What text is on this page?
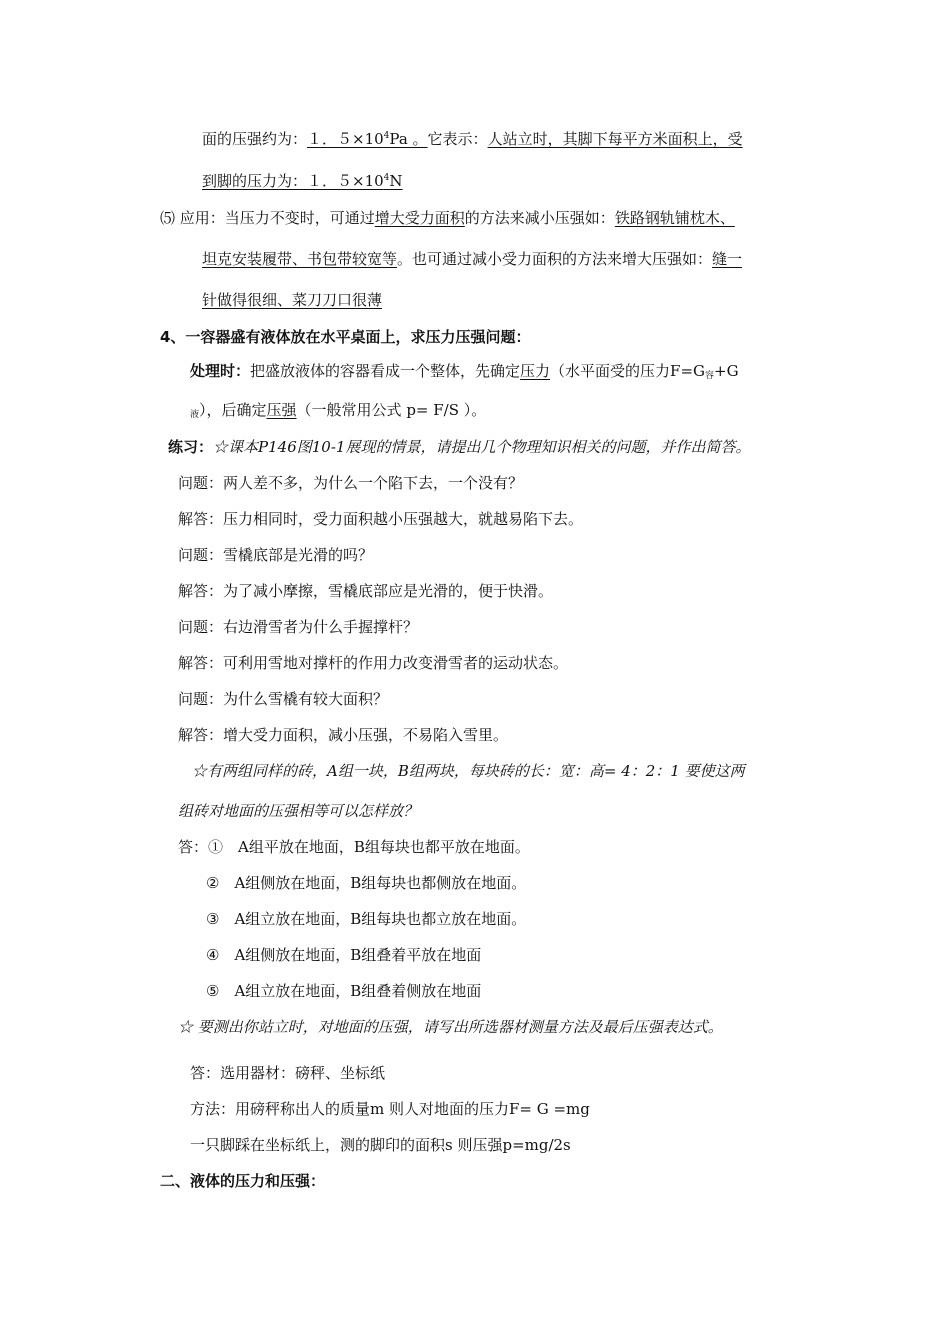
面的压强约为：１．$5\times 10^4Pa$ 。它表示：人站立时，其脚下每平方米面积上，受
到脚的压力为：１．$5\times 10^4N$
⑸ 应用：当压力不变时，可通过增大受力面积的方法来减小压强如：铁路钢轨铺枕木、
坦克安装履带、书包带较宽等。也可通过减小受力面积的方法来增大压强如：缝一
针做得很细、菜刀刀口很薄
4、一容器盛有液体放在水平桌面上，求压力压强问题：
处理时：把盛放液体的容器看成一个整体，先确定压力（水平面受的压力$F=G_容+G$
$_液$），后确定压强（一般常用公式 p= F/S ）。
练习：☆课本P146图10-1展现的情景，请提出几个物理知识相关的问题，并作出简答。
问题：两人差不多，为什么一个陷下去，一个没有？
解答：压力相同时，受力面积越小压强越大，就越易陷下去。
问题：雪橇底部是光滑的吗？
解答：为了减小摩擦，雪橇底部应是光滑的，便于快滑。
问题：右边滑雪者为什么手握撑杆？
解答：可利用雪地对撑杆的作用力改变滑雪者的运动状态。
问题：为什么雪橇有较大面积？
解答：增大受力面积，减小压强，不易陷入雪里。
☆有两组同样的砖，A组一块，B组两块，每块砖的长：宽：高= 4：2：1 要使这两
组砖对地面的压强相等可以怎样放？
答：①　A组平放在地面，B组每块也都平放在地面。
②　A组侧放在地面，B组每块也都侧放在地面。
③　A组立放在地面，B组每块也都立放在地面。
④　A组侧放在地面，B组叠着平放在地面
⑤　A组立放在地面，B组叠着侧放在地面
☆ 要测出你站立时，对地面的压强，请写出所选器材测量方法及最后压强表达式。
答：选用器材：磅秤、坐标纸
方法：用磅秤称出人的质量m 则人对地面的压力F= G =mg
一只脚踩在坐标纸上，测的脚印的面积s 则压强p=mg/2s
二、液体的压力和压强：
